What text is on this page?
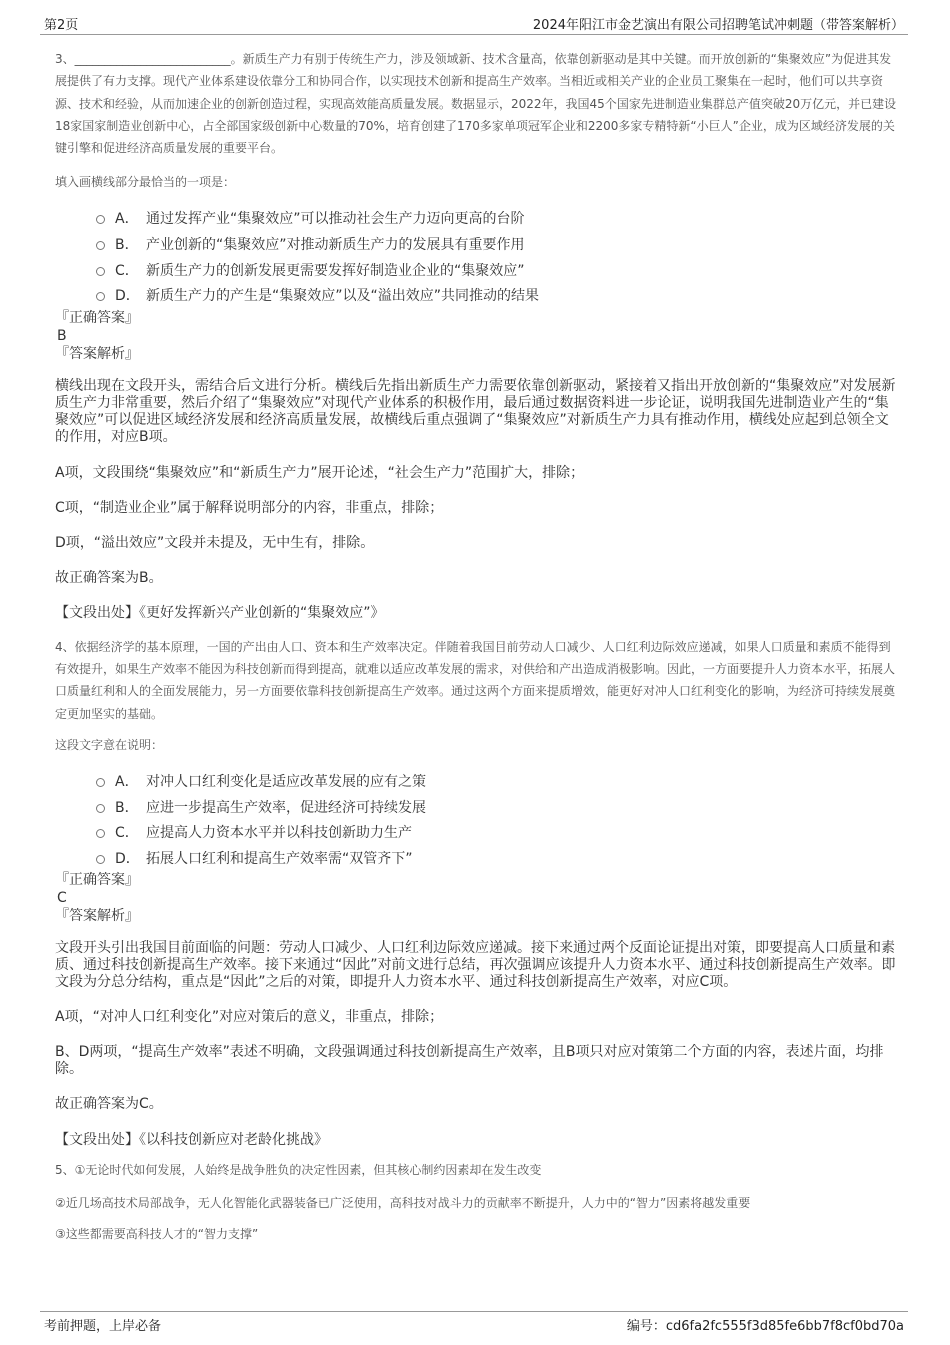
第2页	2024年阳江市金艺演出有限公司招聘笔试冲刺题（带答案解析）

3、__________________________。新质生产力有别于传统生产力，涉及领域新、技术含量高，依靠创新驱动是其中关键。而开放创新的“集聚效应”为促进其发展提供了有力支撑。现代产业体系建设依靠分工和协同合作，以实现技术创新和提高生产效率。当相近或相关产业的企业员工聚集在一起时，他们可以共享资源、技术和经验，从而加速企业的创新创造过程，实现高效能高质量发展。数据显示，2022年，我国45个国家先进制造业集群总产值突破20万亿元，并已建设18家国家制造业创新中心，占全部国家级创新中心数量的70%，培育创建了170多家单项冠军企业和2200多家专精特新“小巨人”企业，成为区域经济发展的关键引擎和促进经济高质量发展的重要平台。

填入画横线部分最恰当的一项是：

A． 通过发挥产业“集聚效应”可以推动社会生产力迈向更高的台阶
B． 产业创新的“集聚效应”对推动新质生产力的发展具有重要作用
C． 新质生产力的创新发展更需要发挥好制造业企业的“集聚效应”
D． 新质生产力的产生是“集聚效应”以及“溢出效应”共同推动的结果
『正确答案』
B
『答案解析』

横线出现在文段开头，需结合后文进行分析。横线后先指出新质生产力需要依靠创新驱动，紧接着又指出开放创新的“集聚效应”对发展新质生产力非常重要，然后介绍了“集聚效应”对现代产业体系的积极作用，最后通过数据资料进一步论证，说明我国先进制造业产生的“集聚效应”可以促进区域经济发展和经济高质量发展，故横线后重点强调了“集聚效应”对新质生产力具有推动作用，横线处应起到总领全文的作用，对应B项。

A项，文段围绕“集聚效应”和“新质生产力”展开论述，“社会生产力”范围扩大，排除；

C项，“制造业企业”属于解释说明部分的内容，非重点，排除；

D项，“溢出效应”文段并未提及，无中生有，排除。

故正确答案为B。

【文段出处】《更好发挥新兴产业创新的“集聚效应”》

4、依据经济学的基本原理，一国的产出由人口、资本和生产效率决定。伴随着我国目前劳动人口减少、人口红利边际效应递减，如果人口质量和素质不能得到有效提升，如果生产效率不能因为科技创新而得到提高，就难以适应改革发展的需求，对供给和产出造成消极影响。因此，一方面要提升人力资本水平，拓展人口质量红利和人的全面发展能力，另一方面要依靠科技创新提高生产效率。通过这两个方面来提质增效，能更好对冲人口红利变化的影响，为经济可持续发展奠定更加坚实的基础。

这段文字意在说明：

A． 对冲人口红利变化是适应改革发展的应有之策
B． 应进一步提高生产效率，促进经济可持续发展
C． 应提高人力资本水平并以科技创新助力生产
D． 拓展人口红利和提高生产效率需“双管齐下”
『正确答案』
C
『答案解析』

文段开头引出我国目前面临的问题：劳动人口减少、人口红利边际效应递减。接下来通过两个反面论证提出对策，即要提高人口质量和素质、通过科技创新提高生产效率。接下来通过“因此”对前文进行总结，再次强调应该提升人力资本水平、通过科技创新提高生产效率。即文段为分总分结构，重点是“因此”之后的对策，即提升人力资本水平、通过科技创新提高生产效率，对应C项。

A项，“对冲人口红利变化”对应对策后的意义，非重点，排除；

B、D两项，“提高生产效率”表述不明确，文段强调通过科技创新提高生产效率，且B项只对应对策第二个方面的内容，表述片面，均排除。

故正确答案为C。

【文段出处】《以科技创新应对老龄化挑战》

5、①无论时代如何发展，人始终是战争胜负的决定性因素，但其核心制约因素却在发生改变

②近几场高技术局部战争，无人化智能化武器装备已广泛使用，高科技对战斗力的贡献率不断提升，人力中的“智力”因素将越发重要

③这些都需要高科技人才的“智力支撑”

考前押题，上岸必备	编号：cd6fa2fc555f3d85fe6bb7f8cf0bd70a
